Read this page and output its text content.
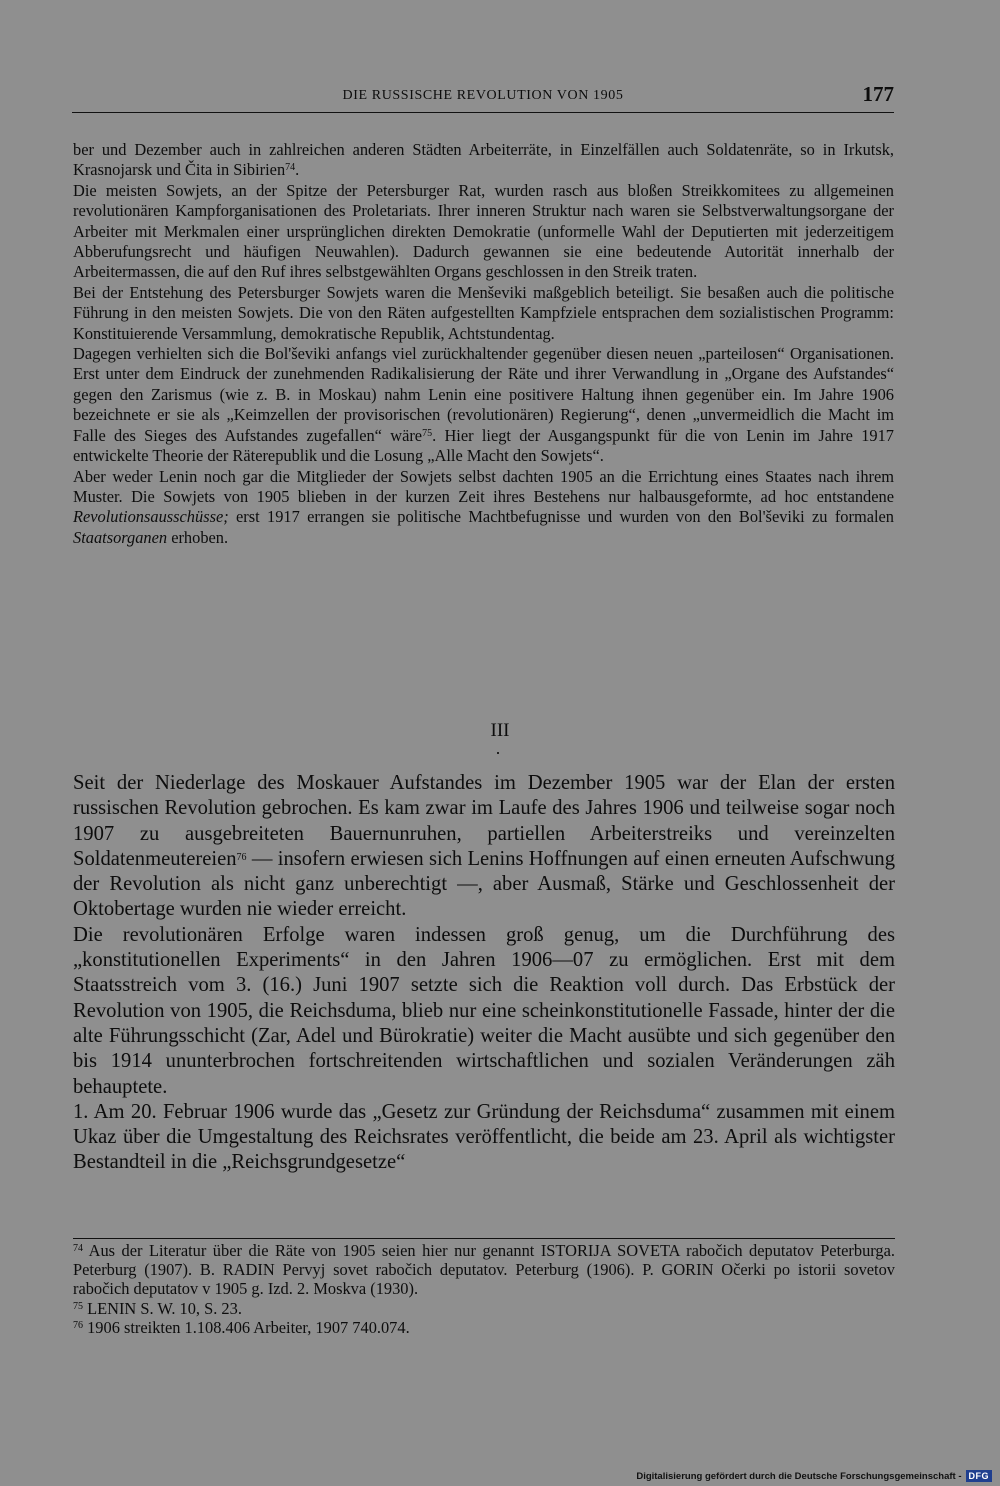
DIE RUSSISCHE REVOLUTION VON 1905	177

ber und Dezember auch in zahlreichen anderen Städten Arbeiterräte, in Einzelfällen auch Soldatenräte, so in Irkutsk, Krasnojarsk und Čita in Sibirien$^{74}$.

Die meisten Sowjets, an der Spitze der Petersburger Rat, wurden rasch aus bloßen Streikkomitees zu allgemeinen revolutionären Kampforganisationen des Proletariats. Ihrer inneren Struktur nach waren sie Selbstverwaltungsorgane der Arbeiter mit Merkmalen einer ursprünglichen direkten Demokratie (unformelle Wahl der Deputierten mit jederzeitigem Abberufungsrecht und häufigen Neuwahlen). Dadurch gewannen sie eine bedeutende Autorität innerhalb der Arbeitermassen, die auf den Ruf ihres selbstgewählten Organs geschlossen in den Streik traten.

Bei der Entstehung des Petersburger Sowjets waren die Menševiki maßgeblich beteiligt. Sie besaßen auch die politische Führung in den meisten Sowjets. Die von den Räten aufgestellten Kampfziele entsprachen dem sozialistischen Programm: Konstituierende Versammlung, demokratische Republik, Achtstundentag.

Dagegen verhielten sich die Bol'ševiki anfangs viel zurückhaltender gegenüber diesen neuen „parteilosen“ Organisationen. Erst unter dem Eindruck der zunehmenden Radikalisierung der Räte und ihrer Verwandlung in „Organe des Aufstandes“ gegen den Zarismus (wie z. B. in Moskau) nahm Lenin eine positivere Haltung ihnen gegenüber ein. Im Jahre 1906 bezeichnete er sie als „Keimzellen der provisorischen (revolutionären) Regierung“, denen „unvermeidlich die Macht im Falle des Sieges des Aufstandes zugefallen“ wäre$^{75}$. Hier liegt der Ausgangspunkt für die von Lenin im Jahre 1917 entwickelte Theorie der Räterepublik und die Losung „Alle Macht den Sowjets“.

Aber weder Lenin noch gar die Mitglieder der Sowjets selbst dachten 1905 an die Errichtung eines Staates nach ihrem Muster. Die Sowjets von 1905 blieben in der kurzen Zeit ihres Bestehens nur halbausgeformte, ad hoc entstandene Revolutionsausschüsse; erst 1917 errangen sie politische Machtbefugnisse und wurden von den Bol'ševiki zu formalen Staatsorganen erhoben.

III

Seit der Niederlage des Moskauer Aufstandes im Dezember 1905 war der Elan der ersten russischen Revolution gebrochen. Es kam zwar im Laufe des Jahres 1906 und teilweise sogar noch 1907 zu ausgebreiteten Bauernunruhen, partiellen Arbeiterstreiks und vereinzelten Soldatenmeutereien$^{76}$ — insofern erwiesen sich Lenins Hoffnungen auf einen erneuten Aufschwung der Revolution als nicht ganz unberechtigt —, aber Ausmaß, Stärke und Geschlossenheit der Oktobertage wurden nie wieder erreicht.

Die revolutionären Erfolge waren indessen groß genug, um die Durchführung des „konstitutionellen Experiments“ in den Jahren 1906—07 zu ermöglichen. Erst mit dem Staatsstreich vom 3. (16.) Juni 1907 setzte sich die Reaktion voll durch. Das Erbstück der Revolution von 1905, die Reichsduma, blieb nur eine scheinkonstitutionelle Fassade, hinter der die alte Führungsschicht (Zar, Adel und Bürokratie) weiter die Macht ausübte und sich gegenüber den bis 1914 ununterbrochen fortschreitenden wirtschaftlichen und sozialen Veränderungen zäh behauptete.

1. Am 20. Februar 1906 wurde das „Gesetz zur Gründung der Reichsduma“ zusammen mit einem Ukaz über die Umgestaltung des Reichsrates veröffentlicht, die beide am 23. April als wichtigster Bestandteil in die „Reichsgrundgesetze“

$^{74}$ Aus der Literatur über die Räte von 1905 seien hier nur genannt ISTORIJA SOVETA rabočich deputatov Peterburga. Peterburg (1907). B. RADIN Pervyj sovet rabočich deputatov. Peterburg (1906). P. GORIN Očerki po istorii sovetov rabočich deputatov v 1905 g. Izd. 2. Moskva (1930).

$^{75}$ LENIN S. W. 10, S. 23.

$^{76}$ 1906 streikten 1.108.406 Arbeiter, 1907 740.074.

Digitalisierung gefördert durch die Deutsche Forschungsgemeinschaft - DFG
